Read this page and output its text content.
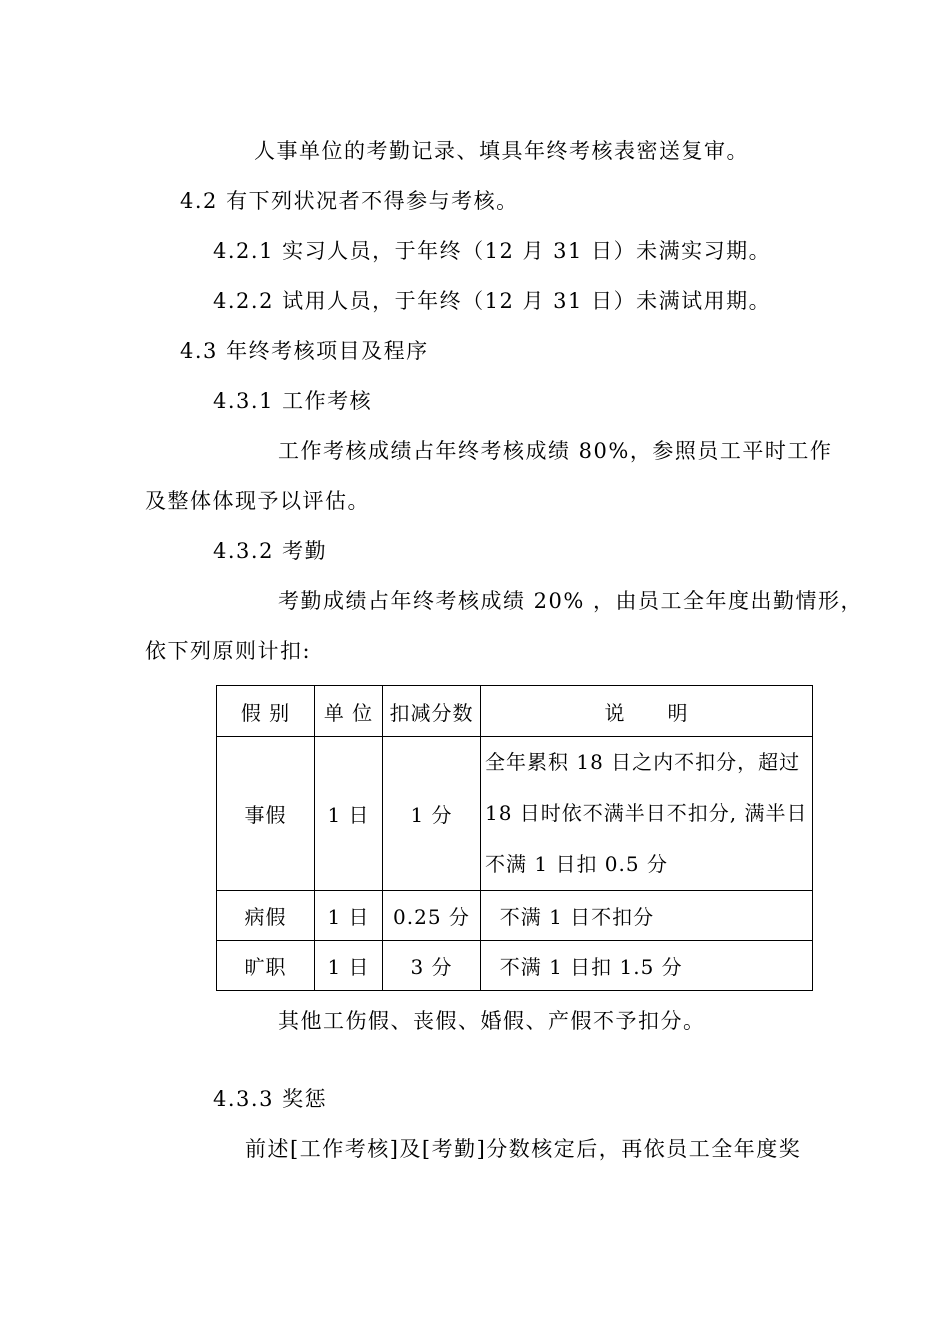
人事单位的考勤记录、填具年终考核表密送复审。
4.2 有下列状况者不得参与考核。
4.2.1 实习人员，于年终（12 月 31 日）未满实习期。
4.2.2 试用人员，于年终（12 月 31 日）未满试用期。
4.3 年终考核项目及程序
4.3.1 工作考核
工作考核成绩占年终考核成绩 80%，参照员工平时工作
及整体体现予以评估。
4.3.2 考勤
考勤成绩占年终考核成绩 20% ，由员工全年度出勤情形，
依下列原则计扣:
假 别	单 位	扣减分数	说　　明
事假	1 日	1 分	全年累积 18 日之内不扣分，超过 18 日时依不满半日不扣分, 满半日不满 1 日扣 0.5 分
病假	1 日	0.25 分	不满 1 日不扣分
旷职	1 日	3 分	不满 1 日扣 1.5 分
其他工伤假、丧假、婚假、产假不予扣分。
4.3.3 奖惩
前述[工作考核]及[考勤]分数核定后，再依员工全年度奖
